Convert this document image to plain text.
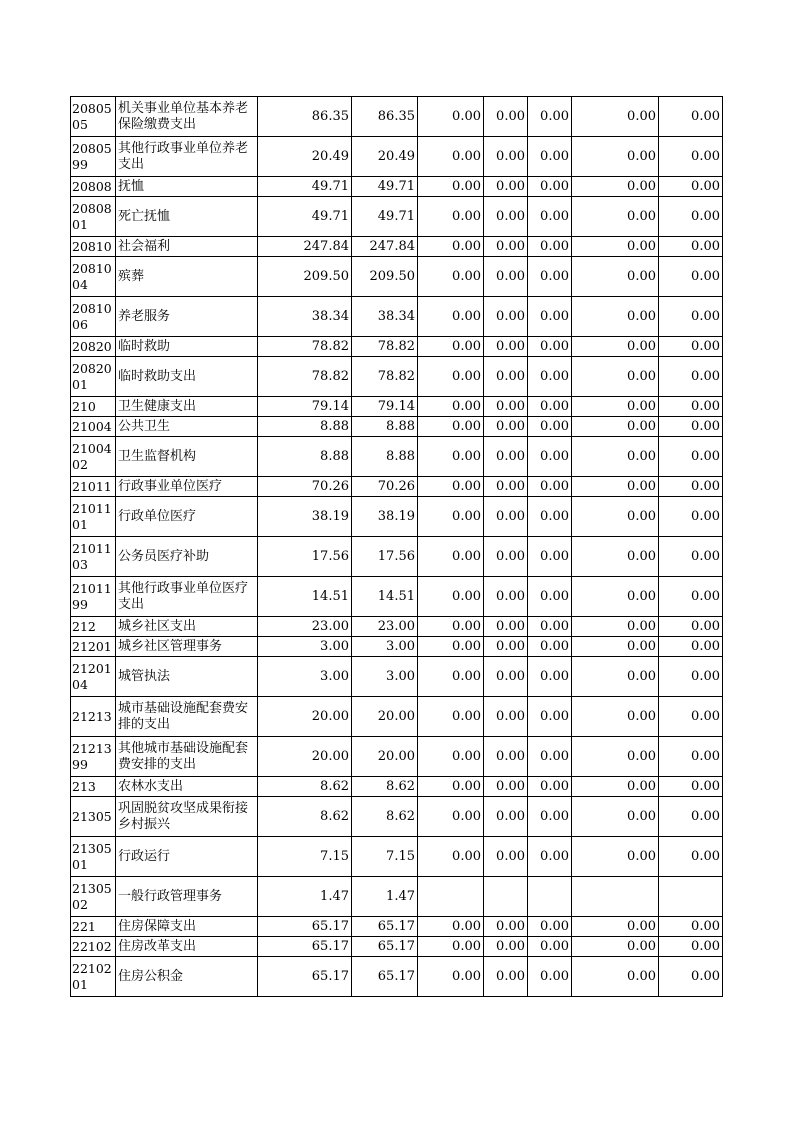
2080505	机关事业单位基本养老保险缴费支出	86.35	86.35	0.00	0.00	0.00	0.00	0.00
2080599	其他行政事业单位养老支出	20.49	20.49	0.00	0.00	0.00	0.00	0.00
20808	抚恤	49.71	49.71	0.00	0.00	0.00	0.00	0.00
2080801	死亡抚恤	49.71	49.71	0.00	0.00	0.00	0.00	0.00
20810	社会福利	247.84	247.84	0.00	0.00	0.00	0.00	0.00
2081004	殡葬	209.50	209.50	0.00	0.00	0.00	0.00	0.00
2081006	养老服务	38.34	38.34	0.00	0.00	0.00	0.00	0.00
20820	临时救助	78.82	78.82	0.00	0.00	0.00	0.00	0.00
2082001	临时救助支出	78.82	78.82	0.00	0.00	0.00	0.00	0.00
210	卫生健康支出	79.14	79.14	0.00	0.00	0.00	0.00	0.00
21004	公共卫生	8.88	8.88	0.00	0.00	0.00	0.00	0.00
2100402	卫生监督机构	8.88	8.88	0.00	0.00	0.00	0.00	0.00
21011	行政事业单位医疗	70.26	70.26	0.00	0.00	0.00	0.00	0.00
2101101	行政单位医疗	38.19	38.19	0.00	0.00	0.00	0.00	0.00
2101103	公务员医疗补助	17.56	17.56	0.00	0.00	0.00	0.00	0.00
2101199	其他行政事业单位医疗支出	14.51	14.51	0.00	0.00	0.00	0.00	0.00
212	城乡社区支出	23.00	23.00	0.00	0.00	0.00	0.00	0.00
21201	城乡社区管理事务	3.00	3.00	0.00	0.00	0.00	0.00	0.00
2120104	城管执法	3.00	3.00	0.00	0.00	0.00	0.00	0.00
21213	城市基础设施配套费安排的支出	20.00	20.00	0.00	0.00	0.00	0.00	0.00
2121399	其他城市基础设施配套费安排的支出	20.00	20.00	0.00	0.00	0.00	0.00	0.00
213	农林水支出	8.62	8.62	0.00	0.00	0.00	0.00	0.00
21305	巩固脱贫攻坚成果衔接乡村振兴	8.62	8.62	0.00	0.00	0.00	0.00	0.00
2130501	行政运行	7.15	7.15	0.00	0.00	0.00	0.00	0.00
2130502	一般行政管理事务	1.47	1.47					
221	住房保障支出	65.17	65.17	0.00	0.00	0.00	0.00	0.00
22102	住房改革支出	65.17	65.17	0.00	0.00	0.00	0.00	0.00
2210201	住房公积金	65.17	65.17	0.00	0.00	0.00	0.00	0.00
